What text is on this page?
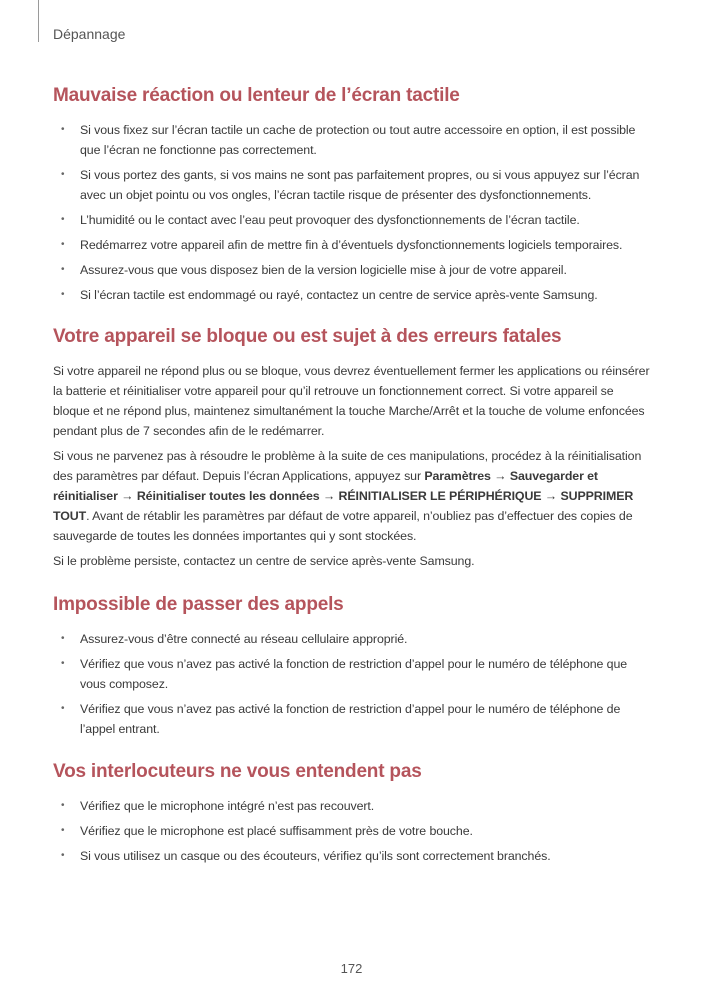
Dépannage
Mauvaise réaction ou lenteur de l’écran tactile
• Si vous fixez sur l’écran tactile un cache de protection ou tout autre accessoire en option, il est possible que l’écran ne fonctionne pas correctement.
• Si vous portez des gants, si vos mains ne sont pas parfaitement propres, ou si vous appuyez sur l’écran avec un objet pointu ou vos ongles, l’écran tactile risque de présenter des dysfonctionnements.
• L’humidité ou le contact avec l’eau peut provoquer des dysfonctionnements de l’écran tactile.
• Redémarrez votre appareil afin de mettre fin à d’éventuels dysfonctionnements logiciels temporaires.
• Assurez-vous que vous disposez bien de la version logicielle mise à jour de votre appareil.
• Si l’écran tactile est endommagé ou rayé, contactez un centre de service après-vente Samsung.
Votre appareil se bloque ou est sujet à des erreurs fatales

Si votre appareil ne répond plus ou se bloque, vous devrez éventuellement fermer les applications ou réinsérer la batterie et réinitialiser votre appareil pour qu’il retrouve un fonctionnement correct. Si votre appareil se bloque et ne répond plus, maintenez simultanément la touche Marche/Arrêt et la touche de volume enfoncées pendant plus de 7 secondes afin de le redémarrer.

Si vous ne parvenez pas à résoudre le problème à la suite de ces manipulations, procédez à la réinitialisation des paramètres par défaut. Depuis l’écran Applications, appuyez sur Paramètres → Sauvegarder et réinitialiser → Réinitialiser toutes les données → RÉINITIALISER LE PÉRIPHÉRIQUE → SUPPRIMER TOUT. Avant de rétablir les paramètres par défaut de votre appareil, n’oubliez pas d’effectuer des copies de sauvegarde de toutes les données importantes qui y sont stockées.

Si le problème persiste, contactez un centre de service après-vente Samsung.

Impossible de passer des appels
• Assurez-vous d’être connecté au réseau cellulaire approprié.
• Vérifiez que vous n’avez pas activé la fonction de restriction d’appel pour le numéro de téléphone que vous composez.
• Vérifiez que vous n’avez pas activé la fonction de restriction d’appel pour le numéro de téléphone de l’appel entrant.
Vos interlocuteurs ne vous entendent pas
• Vérifiez que le microphone intégré n’est pas recouvert.
• Vérifiez que le microphone est placé suffisamment près de votre bouche.
• Si vous utilisez un casque ou des écouteurs, vérifiez qu’ils sont correctement branchés.
172
